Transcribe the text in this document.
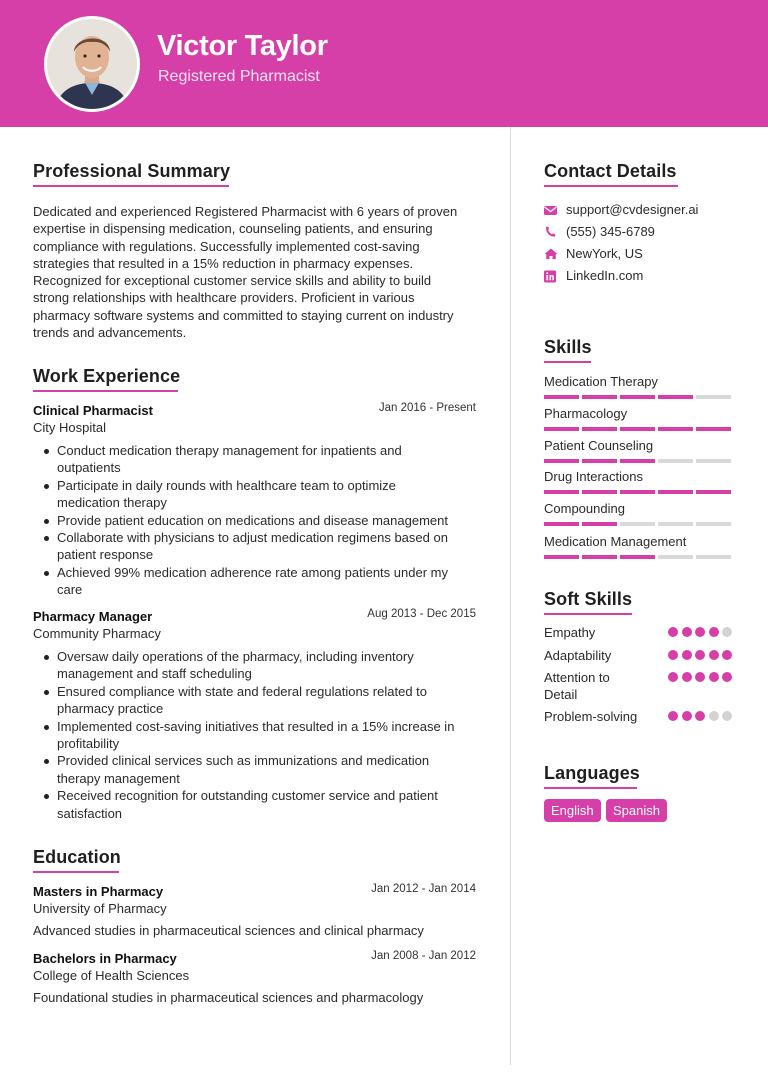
Victor Taylor
Registered Pharmacist
Professional Summary
Dedicated and experienced Registered Pharmacist with 6 years of proven
expertise in dispensing medication, counseling patients, and ensuring
compliance with regulations. Successfully implemented cost-saving
strategies that resulted in a 15% reduction in pharmacy expenses.
Recognized for exceptional customer service skills and ability to build
strong relationships with healthcare providers. Proficient in various
pharmacy software systems and committed to staying current on industry
trends and advancements.
Work Experience
Clinical Pharmacist	Jan 2016 - Present
City Hospital
Conduct medication therapy management for inpatients and
outpatients
Participate in daily rounds with healthcare team to optimize
medication therapy
Provide patient education on medications and disease management
Collaborate with physicians to adjust medication regimens based on
patient response
Achieved 99% medication adherence rate among patients under my
care
Pharmacy Manager	Aug 2013 - Dec 2015
Community Pharmacy
Oversaw daily operations of the pharmacy, including inventory
management and staff scheduling
Ensured compliance with state and federal regulations related to
pharmacy practice
Implemented cost-saving initiatives that resulted in a 15% increase in
profitability
Provided clinical services such as immunizations and medication
therapy management
Received recognition for outstanding customer service and patient
satisfaction
Education
Masters in Pharmacy	Jan 2012 - Jan 2014
University of Pharmacy
Advanced studies in pharmaceutical sciences and clinical pharmacy
Bachelors in Pharmacy	Jan 2008 - Jan 2012
College of Health Sciences
Foundational studies in pharmaceutical sciences and pharmacology
Contact Details
support@cvdesigner.ai
(555) 345-6789
NewYork, US
LinkedIn.com
Skills
Medication Therapy
Pharmacology
Patient Counseling
Drug Interactions
Compounding
Medication Management
Soft Skills
Empathy
Adaptability
Attention to
Detail
Problem-solving
Languages
English	Spanish
